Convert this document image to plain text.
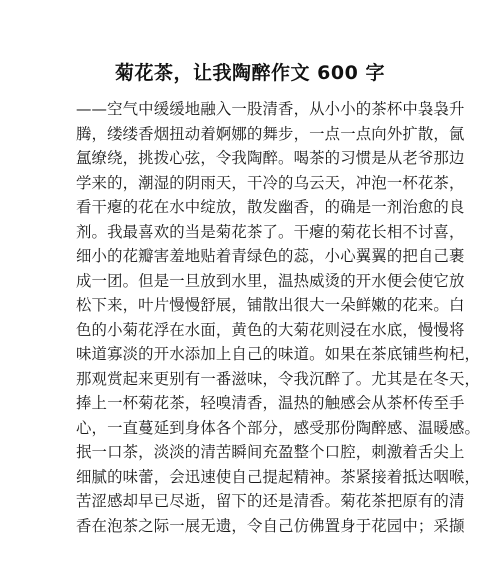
菊花茶，让我陶醉作文 600 字
——空气中缓缓地融入一股清香，从小小的茶杯中袅袅升
腾，缕缕香烟扭动着婀娜的舞步，一点一点向外扩散，氤
氲缭绕，挑拨心弦，令我陶醉。喝茶的习惯是从老爷那边
学来的，潮湿的阴雨天，干冷的乌云天，冲泡一杯花茶，
看干瘪的花在水中绽放，散发幽香，的确是一剂治愈的良
剂。我最喜欢的当是菊花茶了。干瘪的菊花长相不讨喜，
细小的花瓣害羞地贴着青绿色的蕊，小心翼翼的把自己裹
成一团。但是一旦放到水里，温热威烫的开水便会使它放
松下来，叶片慢慢舒展，铺散出很大一朵鲜嫩的花来。白
色的小菊花浮在水面，黄色的大菊花则浸在水底，慢慢将
味道寡淡的开水添加上自己的味道。如果在茶底铺些枸杞，
那观赏起来更别有一番滋味，令我沉醉了。尤其是在冬天，
捧上一杯菊花茶，轻嗅清香，温热的触感会从茶杯传至手
心，一直蔓延到身体各个部分，感受那份陶醉感、温暖感。
抿一口茶，淡淡的清苦瞬间充盈整个口腔，刺激着舌尖上
细腻的味蕾，会迅速使自己提起精神。茶紧接着抵达咽喉，
苦涩感却早已尽逝，留下的还是清香。菊花茶把原有的清
香在泡茶之际一展无遗，令自己仿佛置身于花园中；采撷
